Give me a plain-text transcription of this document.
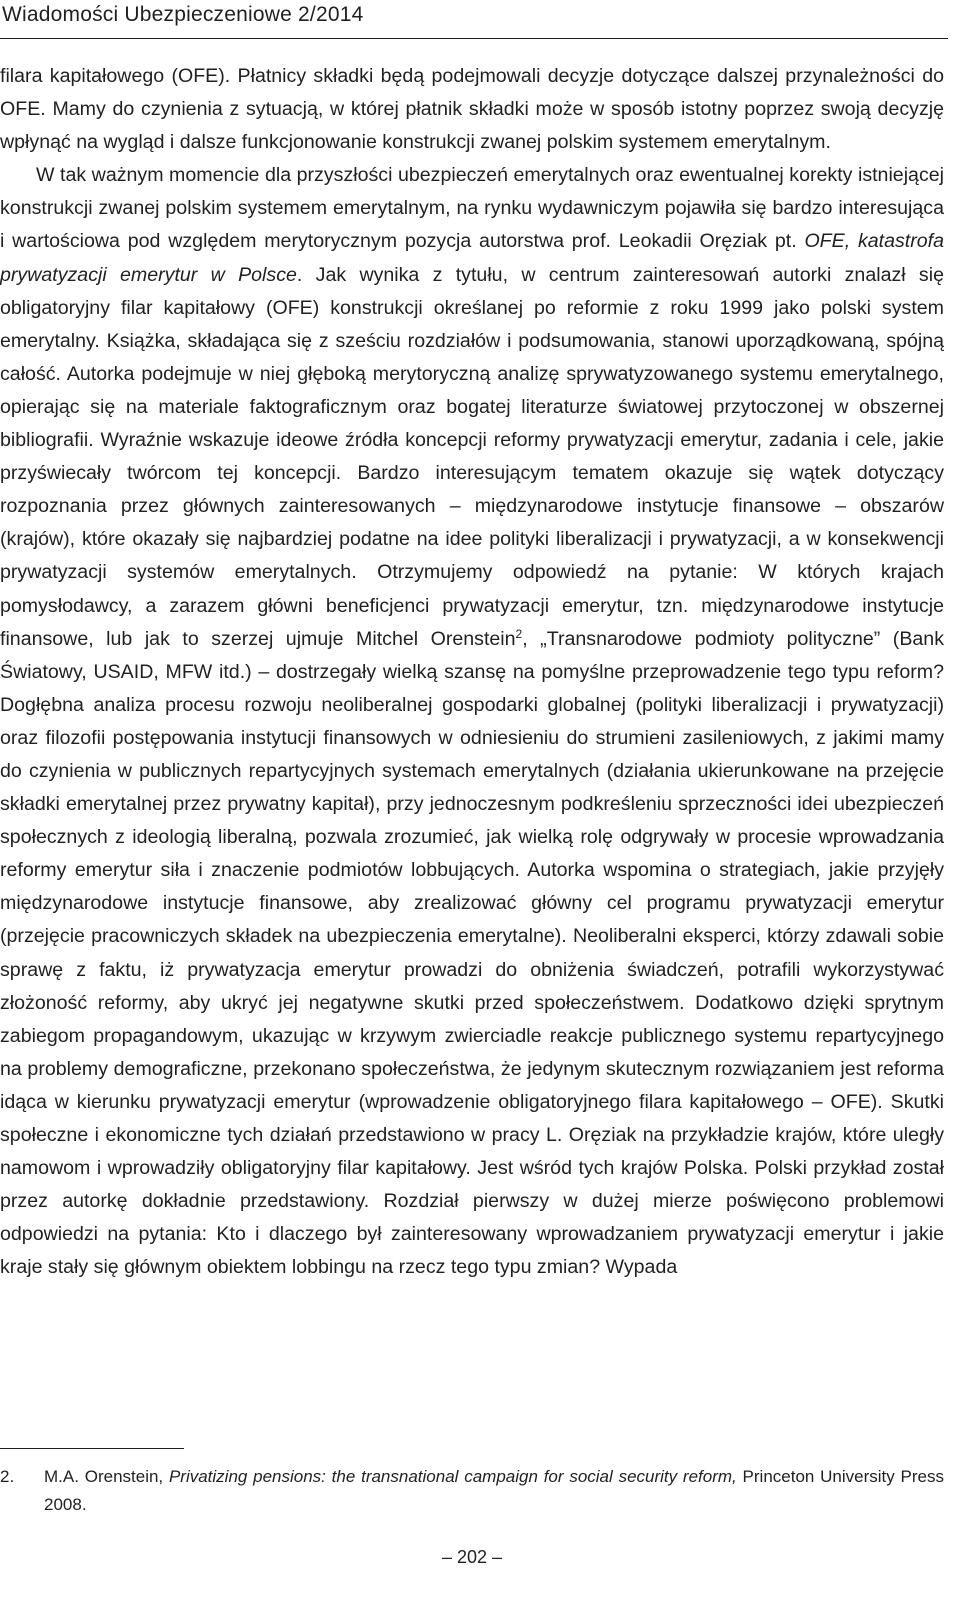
Wiadomości Ubezpieczeniowe 2/2014

filara kapitałowego (OFE). Płatnicy składki będą podejmowali decyzje dotyczące dalszej przynależności do OFE. Mamy do czynienia z sytuacją, w której płatnik składki może w sposób istotny poprzez swoją decyzję wpłynąć na wygląd i dalsze funkcjonowanie konstrukcji zwanej polskim systemem emerytalnym.

W tak ważnym momencie dla przyszłości ubezpieczeń emerytalnych oraz ewentualnej korekty istniejącej konstrukcji zwanej polskim systemem emerytalnym, na rynku wydawniczym pojawiła się bardzo interesująca i wartościowa pod względem merytorycznym pozycja autorstwa prof. Leokadii Oręziak pt. OFE, katastrofa prywatyzacji emerytur w Polsce. Jak wynika z tytułu, w centrum zainteresowań autorki znalazł się obligatoryjny filar kapitałowy (OFE) konstrukcji określanej po reformie z roku 1999 jako polski system emerytalny. Książka, składająca się z sześciu rozdziałów i podsumowania, stanowi uporządkowaną, spójną całość. Autorka podejmuje w niej głęboką merytoryczną analizę sprywatyzowanego systemu emerytalnego, opierając się na materiale faktograficznym oraz bogatej literaturze światowej przytoczonej w obszernej bibliografii. Wyraźnie wskazuje ideowe źródła koncepcji reformy prywatyzacji emerytur, zadania i cele, jakie przyświecały twórcom tej koncepcji. Bardzo interesującym tematem okazuje się wątek dotyczący rozpoznania przez głównych zainteresowanych – międzynarodowe instytucje finansowe – obszarów (krajów), które okazały się najbardziej podatne na idee polityki liberalizacji i prywatyzacji, a w konsekwencji prywatyzacji systemów emerytalnych. Otrzymujemy odpowiedź na pytanie: W których krajach pomysłodawcy, a zarazem główni beneficjenci prywatyzacji emerytur, tzn. międzynarodowe instytucje finansowe, lub jak to szerzej ujmuje Mitchel Orenstein$^2$, „Transnarodowe podmioty polityczne” (Bank Światowy, USAID, MFW itd.) – dostrzegały wielką szansę na pomyślne przeprowadzenie tego typu reform? Dogłębna analiza procesu rozwoju neoliberalnej gospodarki globalnej (polityki liberalizacji i prywatyzacji) oraz filozofii postępowania instytucji finansowych w odniesieniu do strumieni zasileniowych, z jakimi mamy do czynienia w publicznych repartycyjnych systemach emerytalnych (działania ukierunkowane na przejęcie składki emerytalnej przez prywatny kapitał), przy jednoczesnym podkreśleniu sprzeczności idei ubezpieczeń społecznych z ideologią liberalną, pozwala zrozumieć, jak wielką rolę odgrywały w procesie wprowadzania reformy emerytur siła i znaczenie podmiotów lobbujących. Autorka wspomina o strategiach, jakie przyjęły międzynarodowe instytucje finansowe, aby zrealizować główny cel programu prywatyzacji emerytur (przejęcie pracowniczych składek na ubezpieczenia emerytalne). Neoliberalni eksperci, którzy zdawali sobie sprawę z faktu, iż prywatyzacja emerytur prowadzi do obniżenia świadczeń, potrafili wykorzystywać złożoność reformy, aby ukryć jej negatywne skutki przed społeczeństwem. Dodatkowo dzięki sprytnym zabiegom propagandowym, ukazując w krzywym zwierciadle reakcje publicznego systemu repartycyjnego na problemy demograficzne, przekonano społeczeństwa, że jedynym skutecznym rozwiązaniem jest reforma idąca w kierunku prywatyzacji emerytur (wprowadzenie obligatoryjnego filara kapitałowego – OFE). Skutki społeczne i ekonomiczne tych działań przedstawiono w pracy L. Oręziak na przykładzie krajów, które uległy namowom i wprowadziły obligatoryjny filar kapitałowy. Jest wśród tych krajów Polska. Polski przykład został przez autorkę dokładnie przedstawiony. Rozdział pierwszy w dużej mierze poświęcono problemowi odpowiedzi na pytania: Kto i dlaczego był zainteresowany wprowadzaniem prywatyzacji emerytur i jakie kraje stały się głównym obiektem lobbingu na rzecz tego typu zmian? Wypada

2. M.A. Orenstein, Privatizing pensions: the transnational campaign for social security reform, Princeton University Press 2008.
– 202 –
